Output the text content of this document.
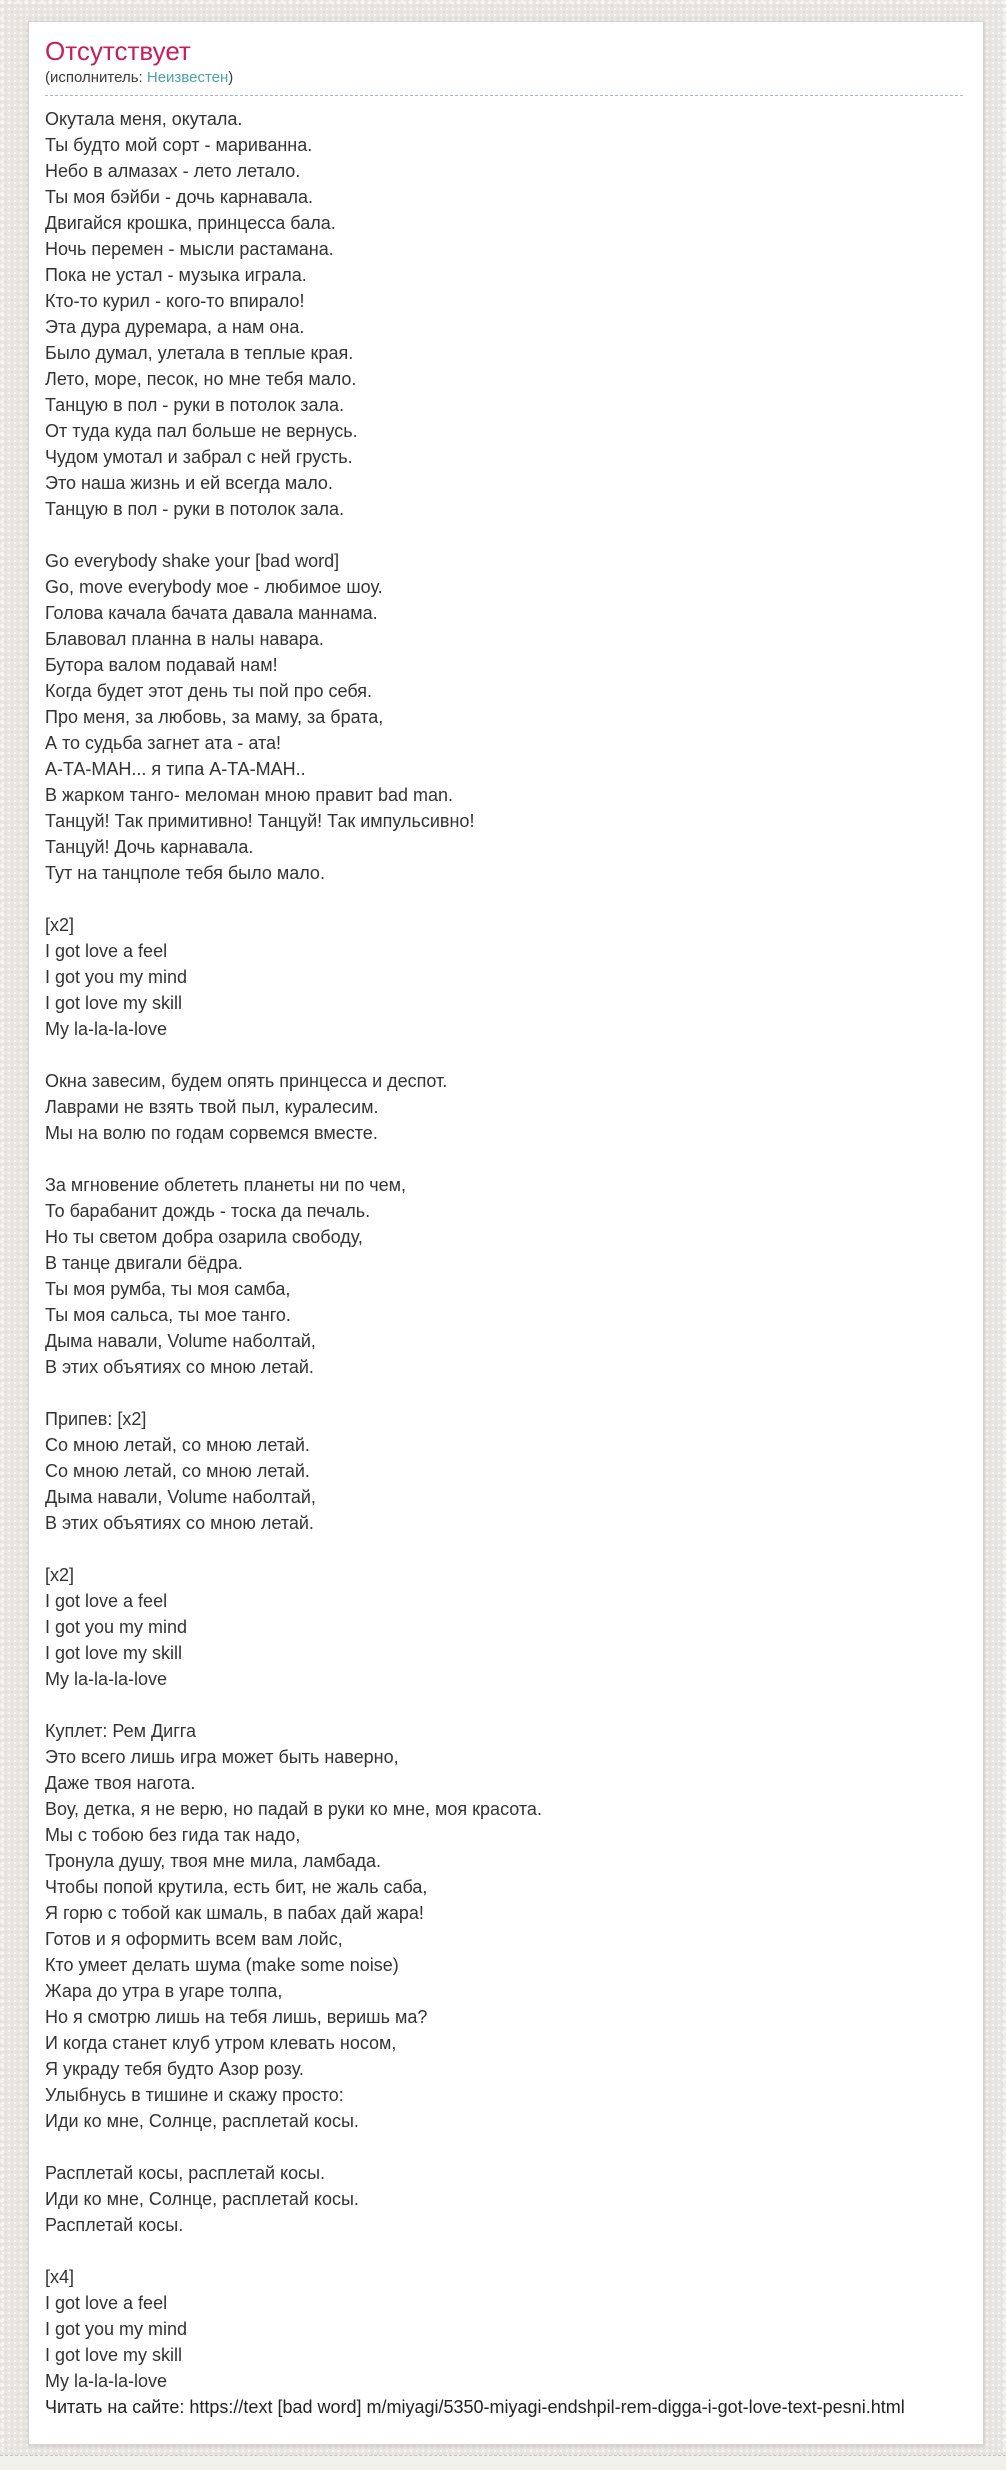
Отсутствует
(исполнитель: Неизвестен)
Окутала меня, окутала.
Ты будто мой сорт - мариванна.
Небо в алмазах - лето летало.
Ты моя бэйби - дочь карнавала.
Двигайся крошка, принцесса бала.
Ночь перемен - мысли растамана.
Пока не устал - музыка играла.
Кто-то курил - кого-то впирало!
Эта дура дуремара, а нам она.
Было думал, улетала в теплые края.
Лето, море, песок, но мне тебя мало.
Танцую в пол - руки в потолок зала.
От туда куда пал больше не вернусь.
Чудом умотал и забрал с ней грусть.
Это наша жизнь и ей всегда мало.
Танцую в пол - руки в потолок зала.
Go everybody shake your [bad word]
Go, move everybody мое - любимое шоу.
Голова качала бачата давала маннама.
Блавовал планна в налы навара.
Бутора валом подавай нам!
Когда будет этот день ты пой про себя.
Про меня, за любовь, за маму, за брата,
А то судьба загнет ата - ата!
А-ТА-МАН... я типа А-ТА-МАН..
В жарком танго- меломан мною правит bad man.
Танцуй! Так примитивно! Танцуй! Так импульсивно!
Танцуй! Дочь карнавала.
Тут на танцполе тебя было мало.
[x2]
I got love a feel
I got you my mind
I got love my skill
My la-la-la-love
Окна завесим, будем опять принцесса и деспот.
Лаврами не взять твой пыл, куралесим.
Мы на волю по годам сорвемся вместе.
За мгновение облететь планеты ни по чем,
То барабанит дождь - тоска да печаль.
Но ты светом добра озарила свободу,
В танце двигали бёдра.
Ты моя румба, ты моя самба,
Ты моя сальса, ты мое танго.
Дыма навали, Volume наболтай,
В этих объятиях со мною летай.
Припев: [x2]
Со мною летай, со мною летай.
Со мною летай, со мною летай.
Дыма навали, Volume наболтай,
В этих объятиях со мною летай.
[x2]
I got love a feel
I got you my mind
I got love my skill
My la-la-la-love
Куплет: Рем Дигга
Это всего лишь игра может быть наверно,
Даже твоя нагота.
Воу, детка, я не верю, но падай в руки ко мне, моя красота.
Мы с тобою без гида так надо,
Тронула душу, твоя мне мила, ламбада.
Чтобы попой крутила, есть бит, не жаль саба,
Я горю с тобой как шмаль, в пабах дай жара!
Готов и я оформить всем вам лойс,
Кто умеет делать шума (make some noise)
Жара до утра в угаре толпа,
Но я смотрю лишь на тебя лишь, веришь ма?
И когда станет клуб утром клевать носом,
Я украду тебя будто Азор розу.
Улыбнусь в тишине и скажу просто:
Иди ко мне, Солнце, расплетай косы.
Расплетай косы, расплетай косы.
Иди ко мне, Солнце, расплетай косы.
Расплетай косы.
[x4]
I got love a feel
I got you my mind
I got love my skill
My la-la-la-love
Читать на сайте: https://text [bad word] m/miyagi/5350-miyagi-endshpil-rem-digga-i-got-love-text-pesni.html
